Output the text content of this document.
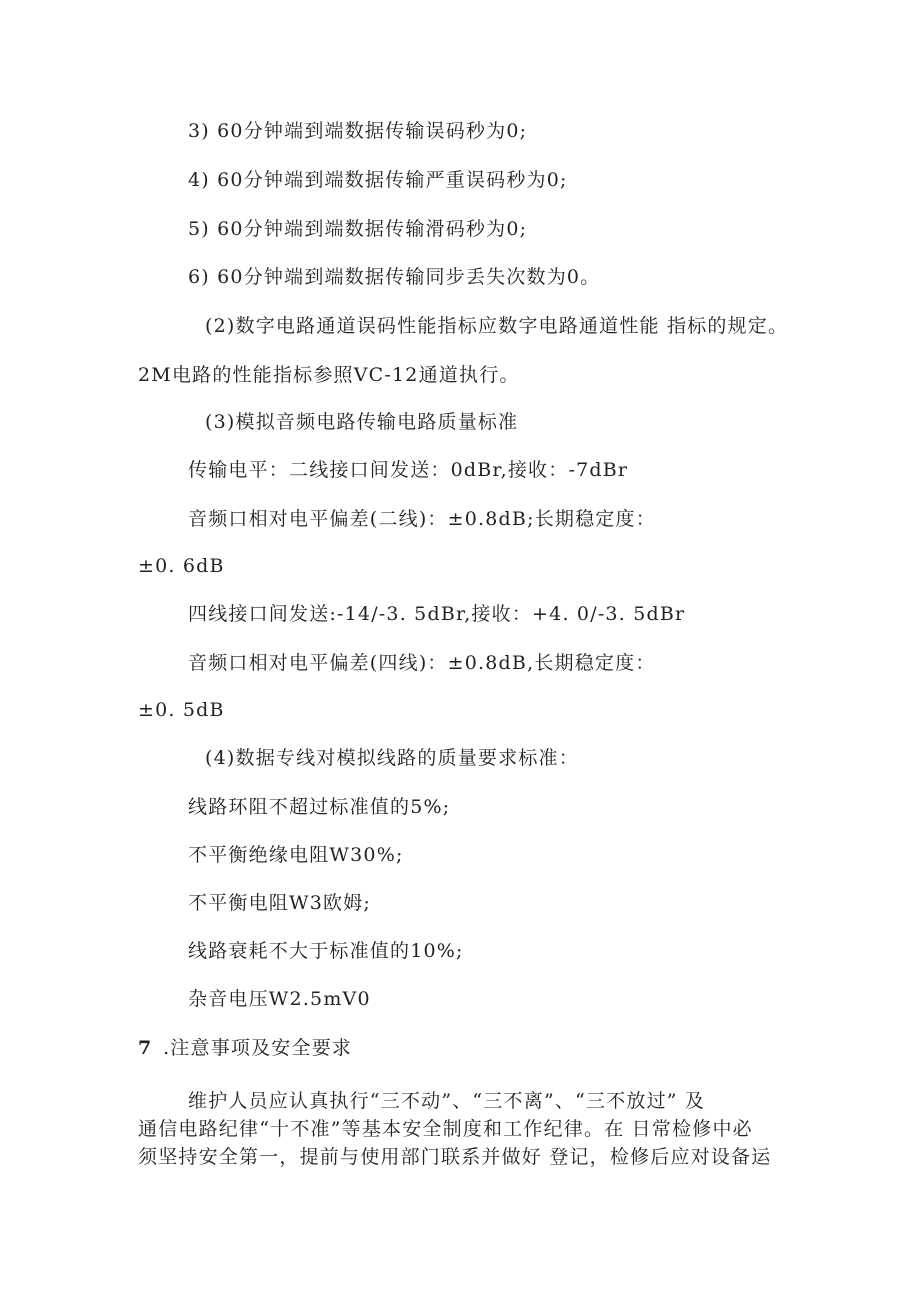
3) 60分钟端到端数据传输误码秒为0;
4) 60分钟端到端数据传输严重误码秒为0;
5) 60分钟端到端数据传输滑码秒为0;
6) 60分钟端到端数据传输同步丢失次数为0。
(2)数字电路通道误码性能指标应数字电路通道性能 指标的规定。
2M电路的性能指标参照VC-12通道执行。
(3)模拟音频电路传输电路质量标准
传输电平：二线接口间发送：0dBr,接收：-7dBr
音频口相对电平偏差(二线)：±0.8dB;长期稳定度：
±0. 6dB
四线接口间发送:-14/-3. 5dBr,接收：+4. 0/-3. 5dBr
音频口相对电平偏差(四线)：±0.8dB,长期稳定度：
±0. 5dB
(4)数据专线对模拟线路的质量要求标准：
线路环阻不超过标准值的5%;
不平衡绝缘电阻W30%;
不平衡电阻W3欧姆;
线路衰耗不大于标准值的10%;
杂音电压W2.5mV0
7 .注意事项及安全要求
维护人员应认真执行“三不动”、“三不离”、“三不放过” 及
通信电路纪律“十不准”等基本安全制度和工作纪律。在 日常检修中必
须坚持安全第一，提前与使用部门联系并做好 登记，检修后应对设备运
